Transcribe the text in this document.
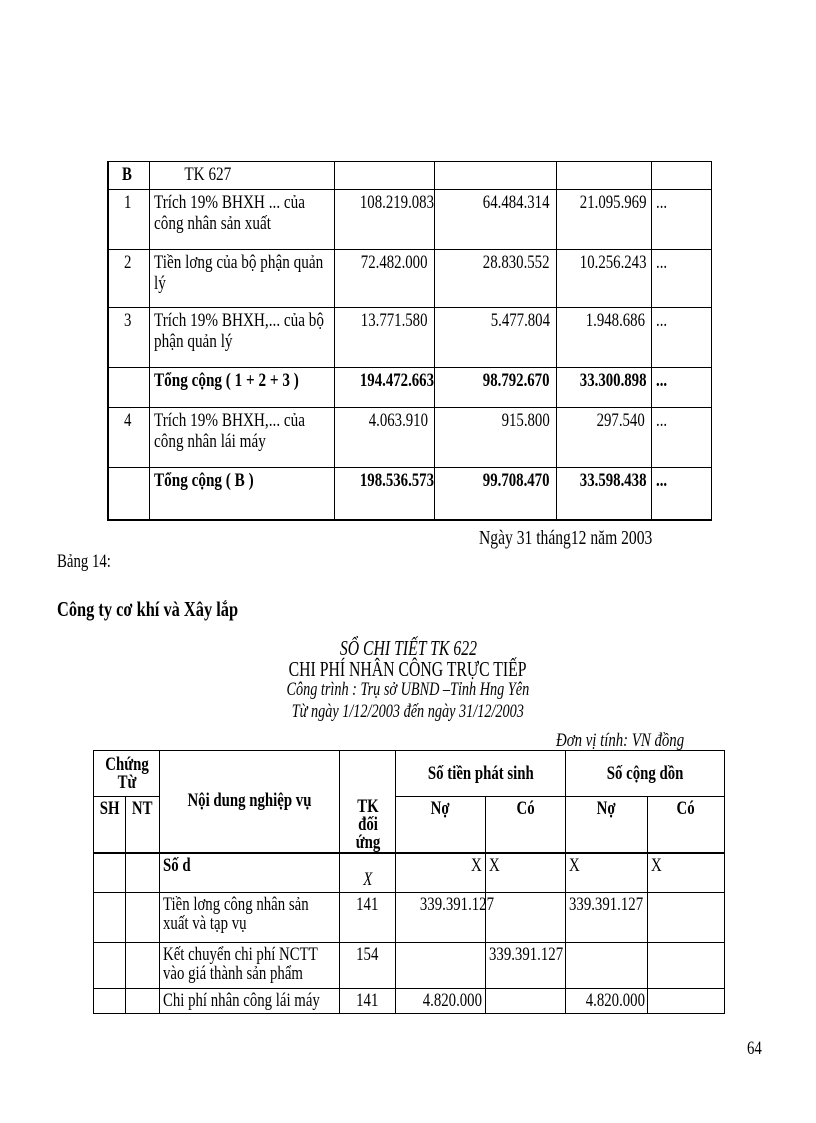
B	TK 627				

1	Trích 19% BHXH ... của công nhân sản xuất	108.219.083	64.484.314	21.095.969	...
2	Tiền lơng của bộ phận quản lý	72.482.000	28.830.552	10.256.243	...
3	Trích 19% BHXH,... của bộ phận quản lý	13.771.580	5.477.804	1.948.686	...

	Tổng cộng ( 1 + 2 + 3 )	194.472.663	98.792.670	33.300.898	...
4	Trích 19% BHXH,... của công nhân lái máy	4.063.910	915.800	297.540	...

	Tổng cộng ( B )	198.536.573	99.708.470	33.598.438	...
Ngày 31 tháng12 năm 2003
Bảng 14:
Công ty cơ khí và Xây lắp
SỔ CHI TIẾT TK 622
CHI PHÍ NHÂN CÔNG TRỰC TIẾP
Công trình : Trụ sở UBND –Tỉnh Hng Yên
Từ ngày 1/12/2003 đến ngày 31/12/2003
Đơn vị tính: VN đồng
Chứng Từ		Nội dung nghiệp vụ	TK đối ứng	Số tiền phát sinh		Số cộng dồn	
SH	NT			Nợ	Có	Nợ	Có

		Số d	X	X	X	X	X

		Tiền lơng công nhân sản xuất và tạp vụ	141	339.391.127		339.391.127	

		Kết chuyển chi phí NCTT vào giá thành sản phẩm	154		339.391.127		

		Chi phí nhân công lái máy	141	4.820.000		4.820.000	
64
